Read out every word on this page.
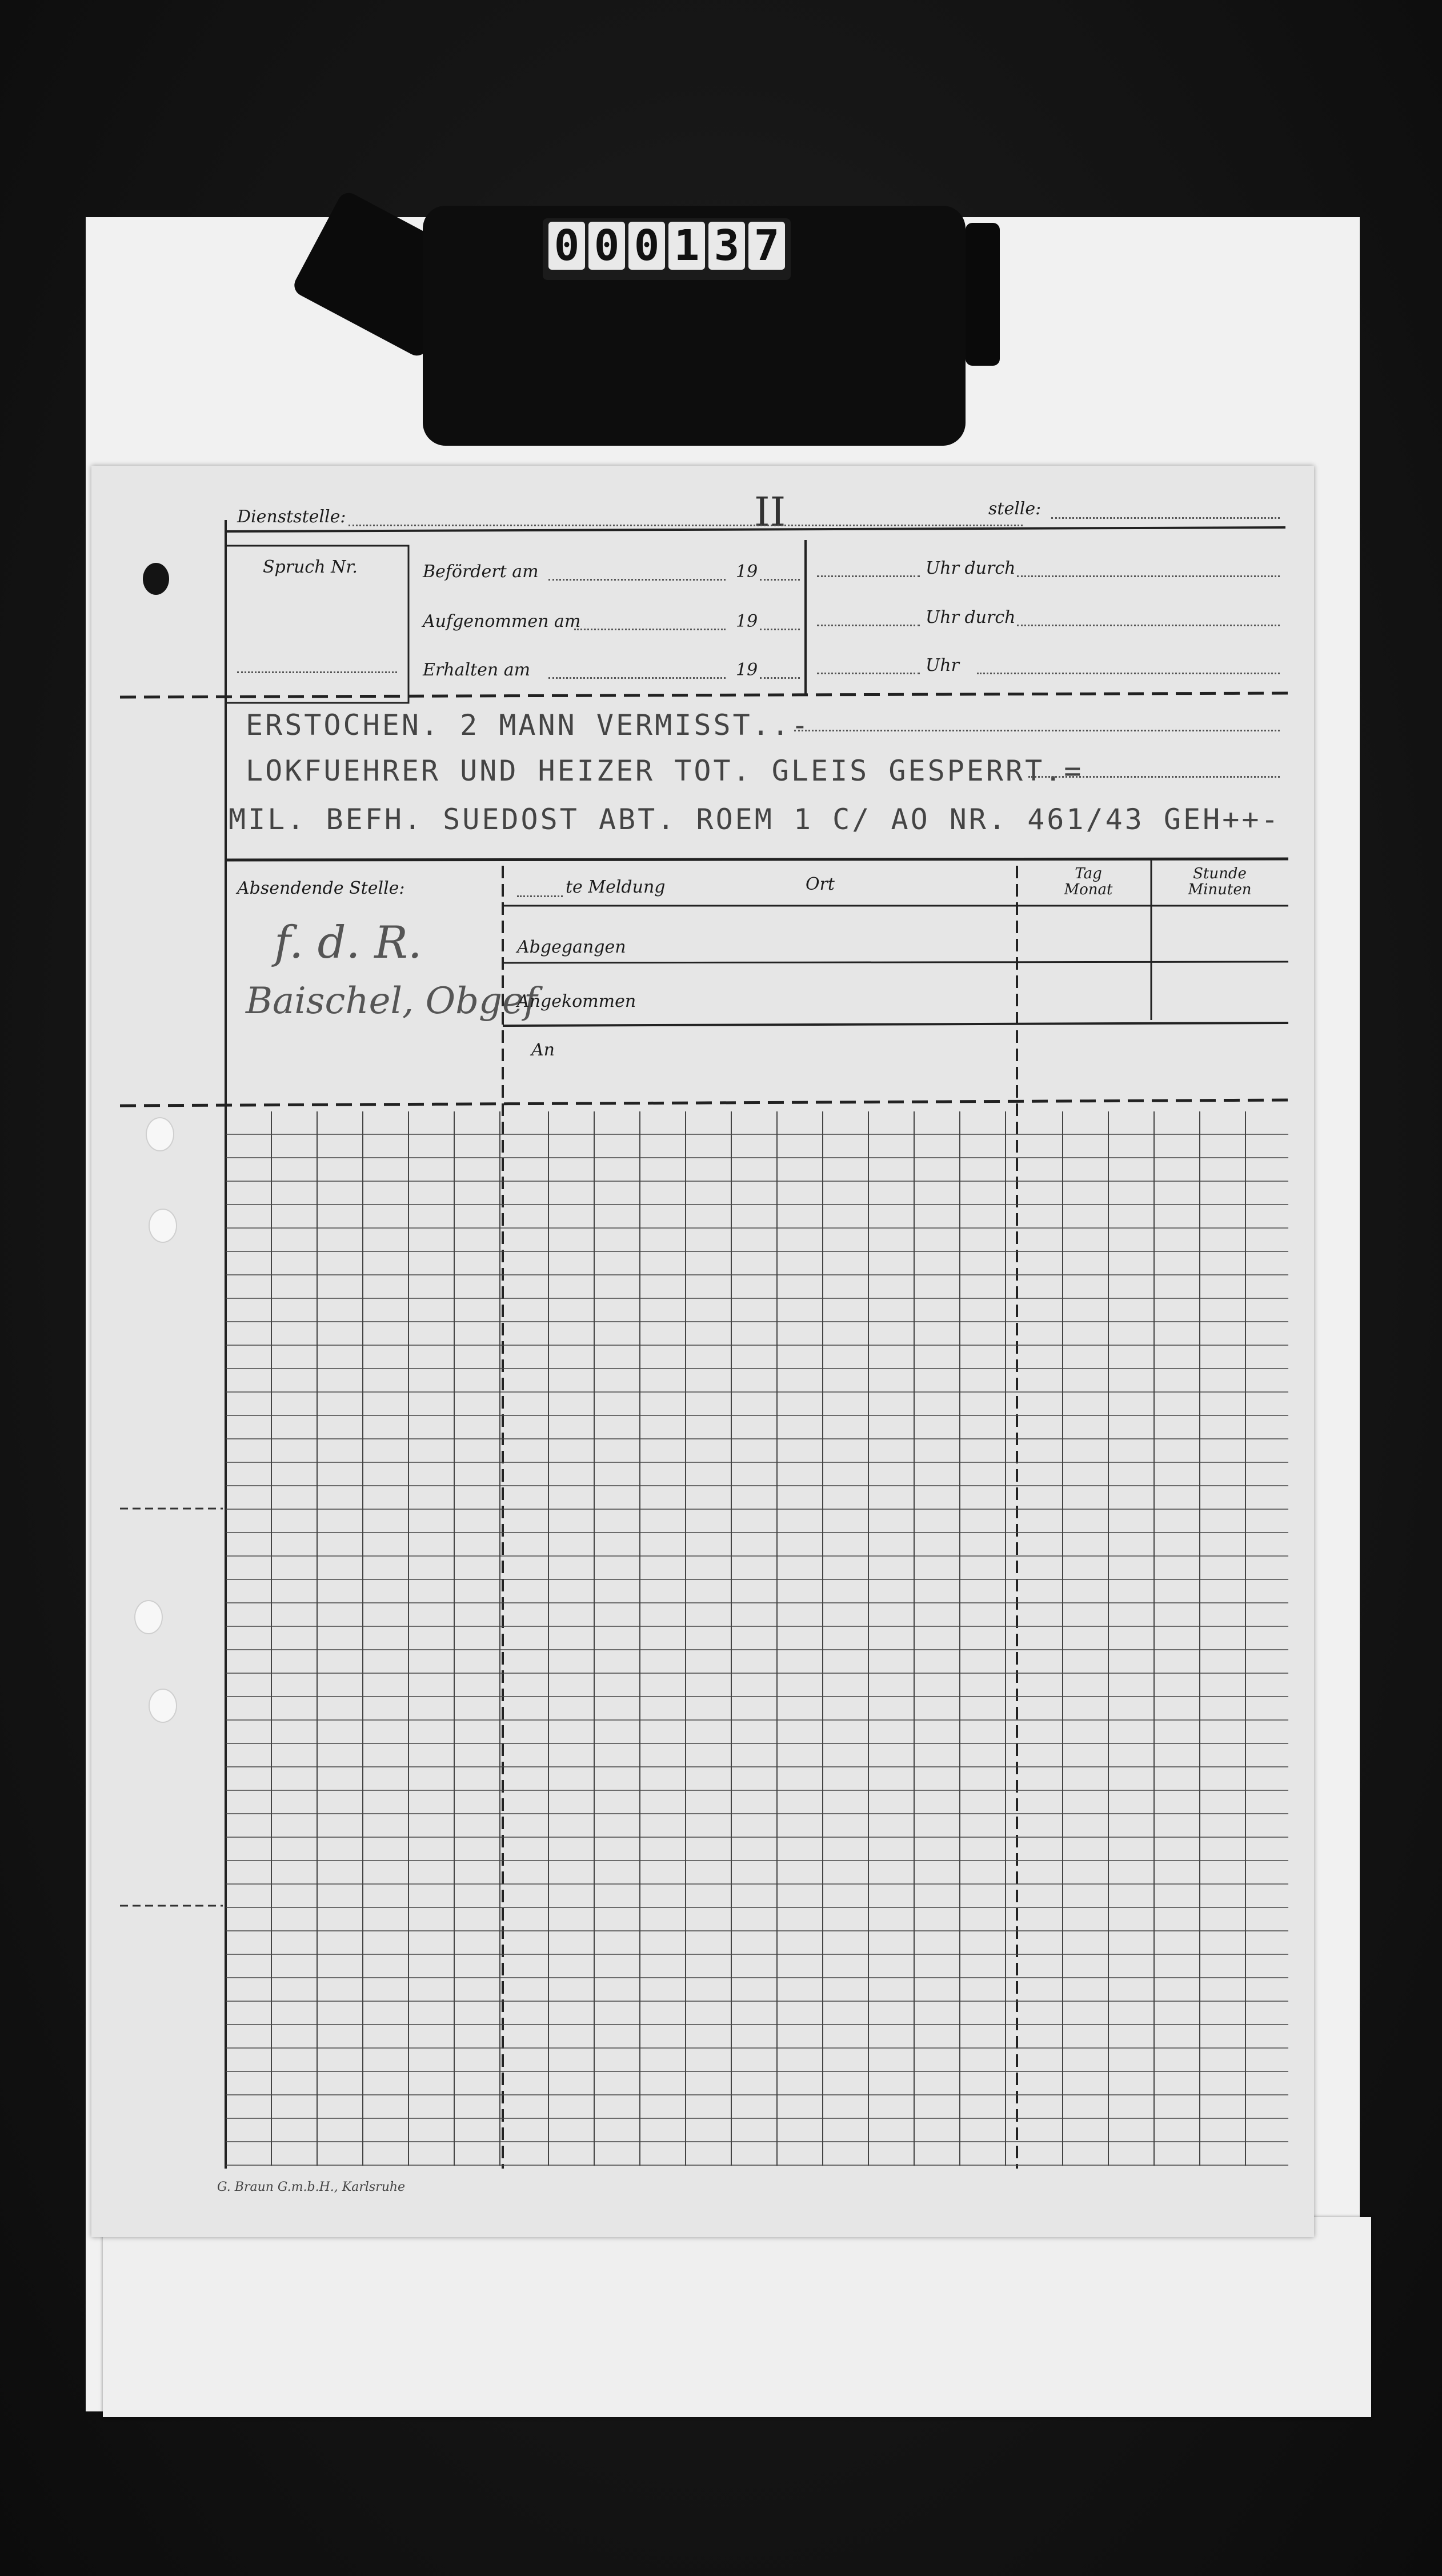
0 0 0 1 3 7
II
Dienststelle:	stelle:
Spruch Nr.	Befördert am	19	Uhr durch
Aufgenommen am	19	Uhr durch
Erhalten am	19	Uhr
ERSTOCHEN. 2 MANN VERMISST..-
LOKFUEHRER UND HEIZER TOT. GLEIS GESPERRT.=
MIL. BEFH. SUEDOST ABT. ROEM 1 C/ AO NR. 461/43 GEH++-
Absendende Stelle:
f. d. R.
Baischel, Obgef
te Meldung	Ort
Tag
Monat
Stunde
Minuten
Abgegangen
Angekommen
An
G. Braun G.m.b.H., Karlsruhe
